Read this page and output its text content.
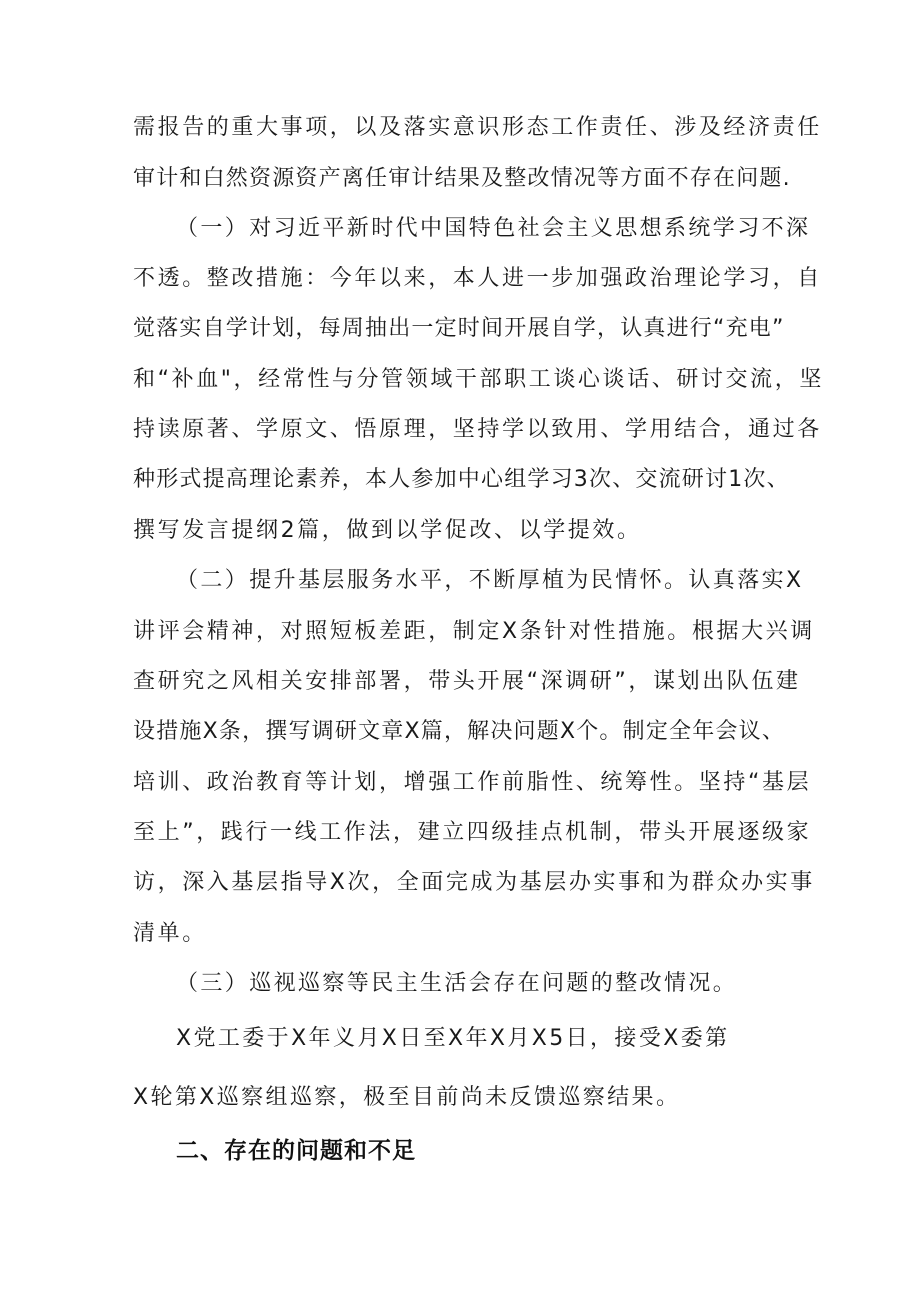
需报告的重大事项，以及落实意识形态工作责任、涉及经济责任
审计和白然资源资产离任审计结果及整改情况等方面不存在问题.
（一）对习近平新时代中国特色社会主义思想系统学习不深
不透。整改措施：今年以来，本人进一步加强政治理论学习，自
觉落实自学计划，每周抽出一定时间开展自学，认真进行“充电”
和“补血"，经常性与分管领域干部职工谈心谈话、研讨交流，坚
持读原著、学原文、悟原理，坚持学以致用、学用结合，通过各
种形式提高理论素养，本人参加中心组学习3次、交流研讨1次、
撰写发言提纲2篇，做到以学促改、以学提效。
（二）提升基层服务水平，不断厚植为民情怀。认真落实X
讲评会精神，对照短板差距，制定X条针对性措施。根据大兴调
查研究之风相关安排部署，带头开展“深调研”，谋划出队伍建
设措施X条，撰写调研文章X篇，解决问题X个。制定全年会议、
培训、政治教育等计划，增强工作前脂性、统筹性。坚持“基层
至上”，践行一线工作法，建立四级挂点机制，带头开展逐级家
访，深入基层指导X次，全面完成为基层办实事和为群众办实事
清单。
（三）巡视巡察等民主生活会存在问题的整改情况。
X党工委于X年义月X日至X年X月X5日，接受X委第
X轮第X巡察组巡察，极至目前尚未反馈巡察结果。
二、存在的问题和不足
